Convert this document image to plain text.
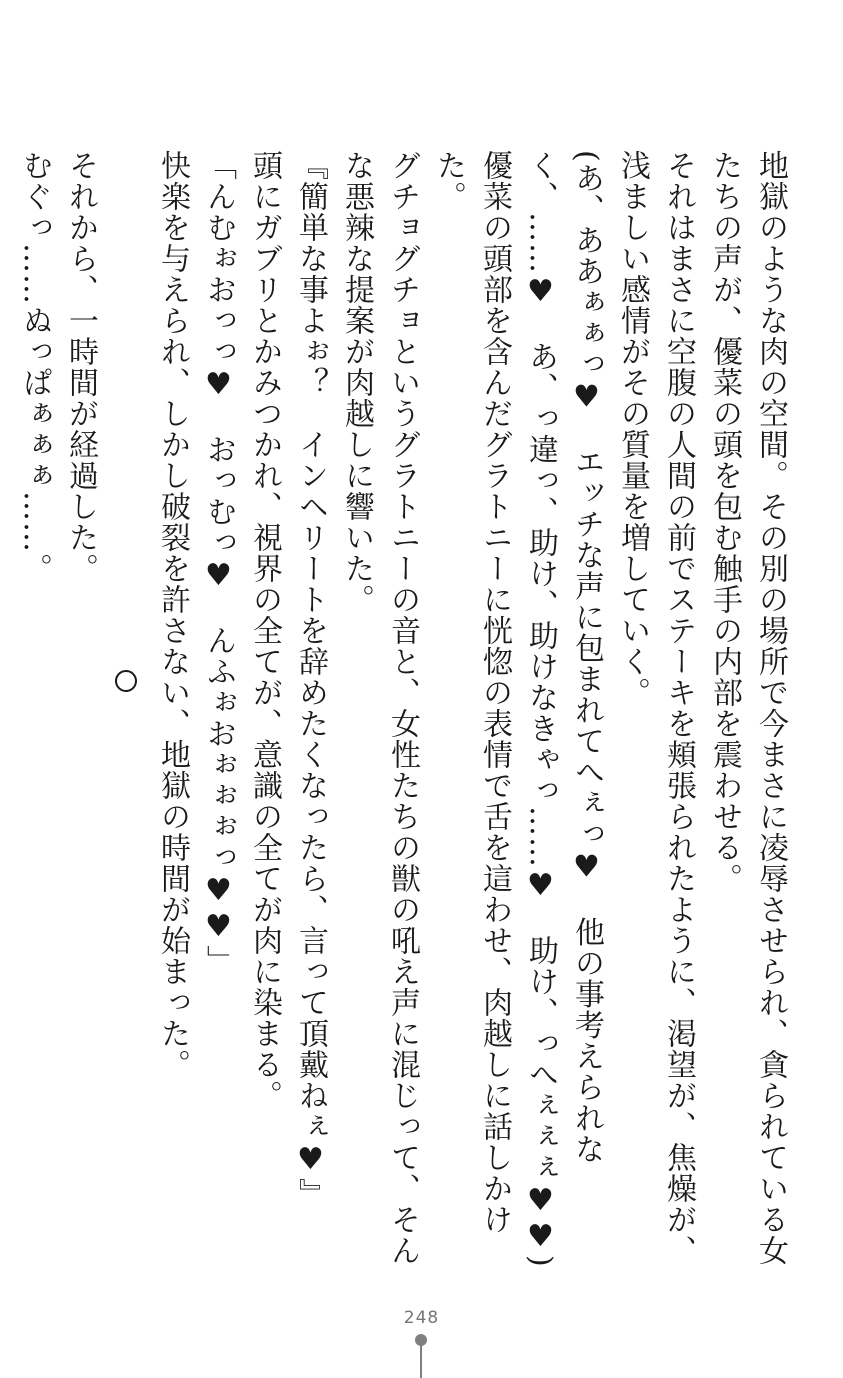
地獄のような肉の空間。その別の場所で今まさに凌辱させられ、貪られている女たちの声が、優菜の頭を包む触手の内部を震わせる。

それはまさに空腹の人間の前でステーキを頬張られたように、渇望が、焦燥が、浅ましい感情がその質量を増していく。

(あ、ああぁぁっ♥　エッチな声に包まれてへぇっ♥　他の事考えられなく、……♥　あ、っ違っ、助け、助けなきゃっ……♥　助け、っへぇぇぇ♥♥)

優菜の頭部を含んだグラトニーに恍惚の表情で舌を這わせ、肉越しに話しかけた。

グチョグチョというグラトニーの音と、女性たちの獣の吼え声に混じって、そんな悪辣な提案が肉越しに響いた。

『簡単な事よぉ？　インヘリートを辞めたくなったら、言って頂戴ねぇ♥』

頭にガブリとかみつかれ、視界の全てが、意識の全てが肉に染まる。

「んむぉおっっ♥　おっむっ♥　んふぉおぉぉぉっ♥♥」

快楽を与えられ、しかし破裂を許さない、地獄の時間が始まった。

それから、一時間が経過した。

むぐっ……ぬっぱぁぁぁ……。

248
